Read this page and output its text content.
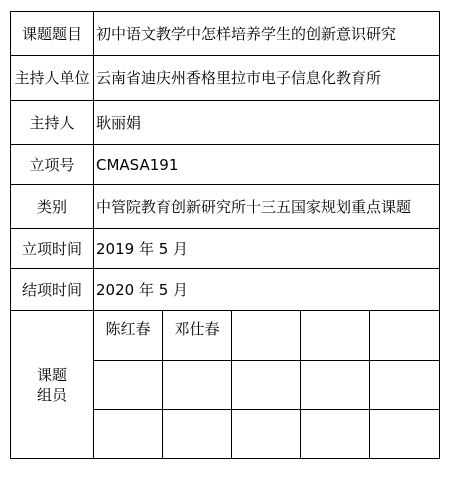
课题题目	初中语文教学中怎样培养学生的创新意识研究				
主持人单位	云南省迪庆州香格里拉市电子信息化教育所				
主持人	耿丽娟				
立项号	CMASA191				
类别	中管院教育创新研究所十三五国家规划重点课题				
立项时间	2019 年 5 月				
结项时间	2020 年 5 月				

课题
组员	陈红春	邓仕春			
